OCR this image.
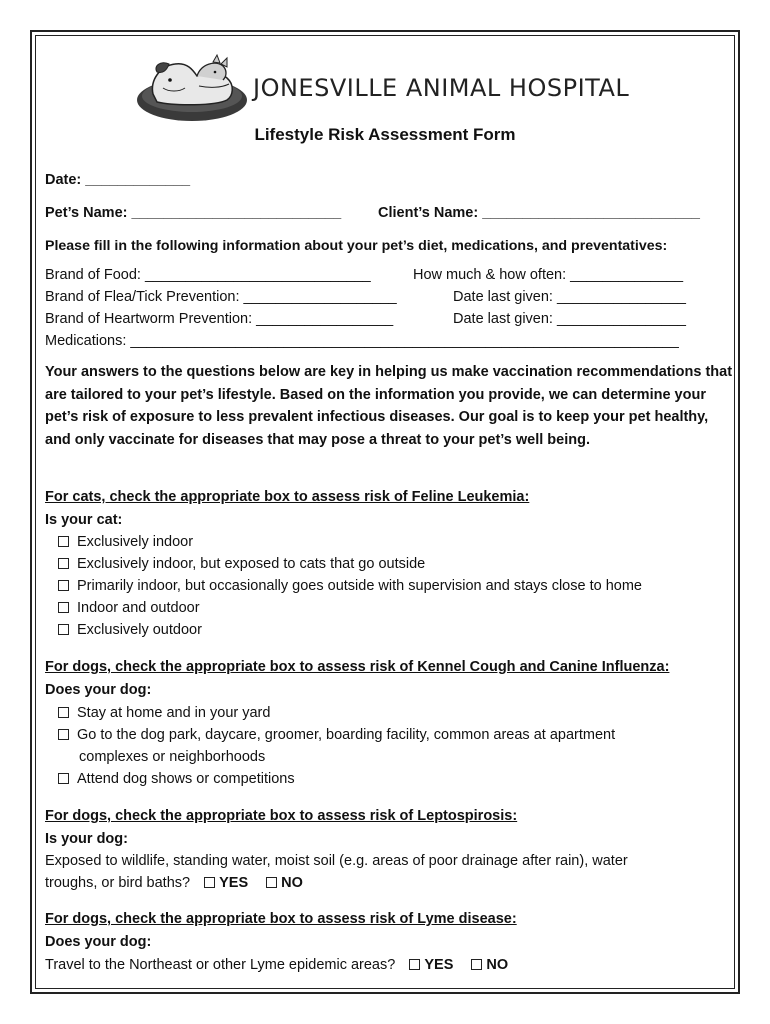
JONESVILLE ANIMAL HOSPITAL
Lifestyle Risk Assessment Form
Date: _____________
Pet’s Name: __________________________	Client’s Name: ___________________________
Please fill in the following information about your pet’s diet, medications, and preventatives:
Brand of Food: ____________________________	How much & how often: ______________
Brand of Flea/Tick Prevention: ___________________	Date last given: ________________
Brand of Heartworm Prevention: _________________	Date last given: ________________
Medications: ____________________________________________________________________
Your answers to the questions below are key in helping us make vaccination recommendations that are tailored to your pet’s lifestyle. Based on the information you provide, we can determine your pet’s risk of exposure to less prevalent infectious diseases. Our goal is to keep your pet healthy, and only vaccinate for diseases that may pose a threat to your pet’s well being.
For cats, check the appropriate box to assess risk of Feline Leukemia:
Is your cat:
Exclusively indoor
Exclusively indoor, but exposed to cats that go outside
Primarily indoor, but occasionally goes outside with supervision and stays close to home
Indoor and outdoor
Exclusively outdoor
For dogs, check the appropriate box to assess risk of Kennel Cough and Canine Influenza:
Does your dog:
Stay at home and in your yard
Go to the dog park, daycare, groomer, boarding facility, common areas at apartment
complexes or neighborhoods
Attend dog shows or competitions
For dogs, check the appropriate box to assess risk of Leptospirosis:
Is your dog:
Exposed to wildlife, standing water, moist soil (e.g. areas of poor drainage after rain), water
troughs, or bird baths? YES NO
For dogs, check the appropriate box to assess risk of Lyme disease:
Does your dog:
Travel to the Northeast or other Lyme epidemic areas? YES NO
